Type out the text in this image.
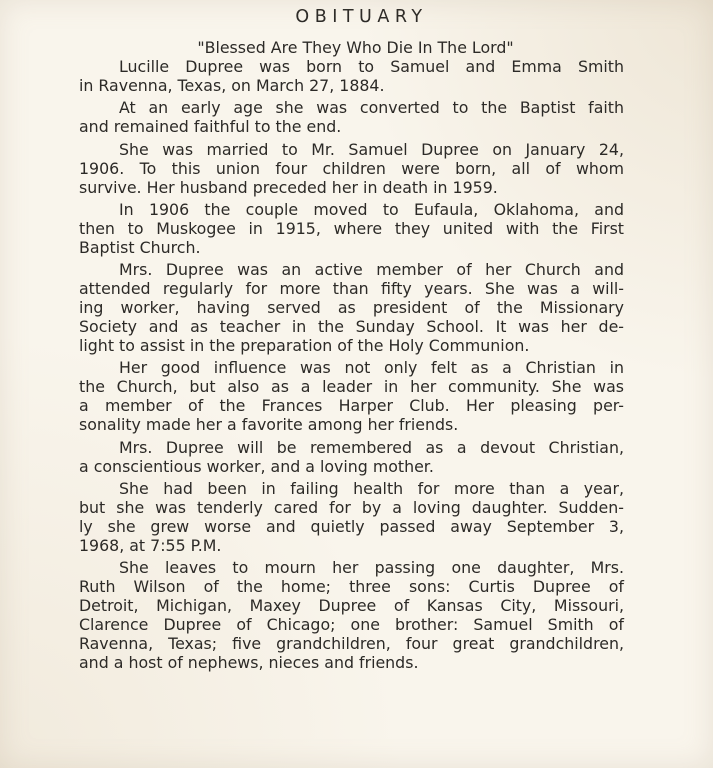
OBITUARY

"Blessed Are They Who Die In The Lord"

Lucille Dupree was born to Samuel and Emma Smith
in Ravenna, Texas, on March 27, 1884.

At an early age she was converted to the Baptist faith
and remained faithful to the end.

She was married to Mr. Samuel Dupree on January 24,
1906. To this union four children were born, all of whom
survive. Her husband preceded her in death in 1959.

In 1906 the couple moved to Eufaula, Oklahoma, and
then to Muskogee in 1915, where they united with the First
Baptist Church.

Mrs. Dupree was an active member of her Church and
attended regularly for more than fifty years. She was a will-
ing worker, having served as president of the Missionary
Society and as teacher in the Sunday School. It was her de-
light to assist in the preparation of the Holy Communion.

Her good influence was not only felt as a Christian in
the Church, but also as a leader in her community. She was
a member of the Frances Harper Club. Her pleasing per-
sonality made her a favorite among her friends.

Mrs. Dupree will be remembered as a devout Christian,
a conscientious worker, and a loving mother.

She had been in failing health for more than a year,
but she was tenderly cared for by a loving daughter. Sudden-
ly she grew worse and quietly passed away September 3,
1968, at 7:55 P.M.

She leaves to mourn her passing one daughter, Mrs.
Ruth Wilson of the home; three sons: Curtis Dupree of
Detroit, Michigan, Maxey Dupree of Kansas City, Missouri,
Clarence Dupree of Chicago; one brother: Samuel Smith of
Ravenna, Texas; five grandchildren, four great grandchildren,
and a host of nephews, nieces and friends.
